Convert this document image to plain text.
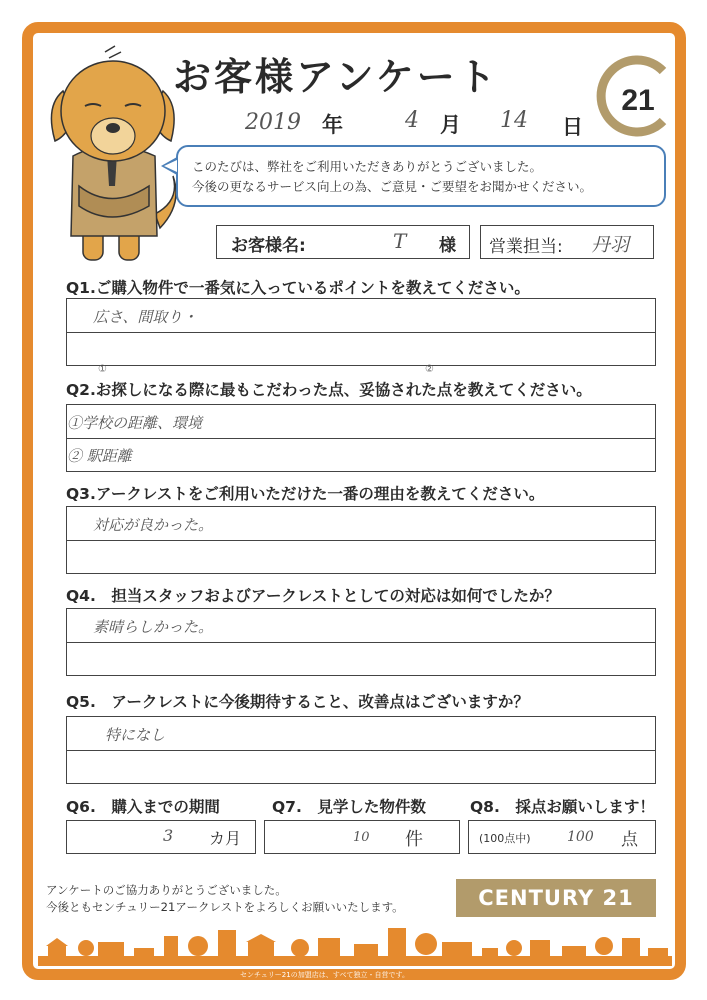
お客様アンケート
21
2019 年	4 月 14 日
このたびは、弊社をご利用いただきありがとうございました。
今後の更なるサービス向上の為、ご意見・ご要望をお聞かせください。
お客様名:	T 様 営業担当: 丹羽
Q1.ご購入物件で一番気に入っているポイントを教えてください。
広さ、間取り・
Q2.お探しになる際に最もこだわった点、妥協された点を教えてください。
①	②
①学校の距離、環境
② 駅距離
Q3.アークレストをご利用いただけた一番の理由を教えてください。
対応が良かった。
Q4.　担当スタッフおよびアークレストとしての対応は如何でしたか？
素晴らしかった。
Q5.　アークレストに今後期待すること、改善点はございますか？
特になし
Q6.　購入までの期間	Q7.　見学した物件数	Q8.　採点お願いします！
3 カ月	10 件	(100点中)	100 点
アンケートのご協力ありがとうございました。
今後ともセンチュリー21アークレストをよろしくお願いいたします。	CENTURY 21
センチュリー21の加盟店は、すべて独立・自営です。
